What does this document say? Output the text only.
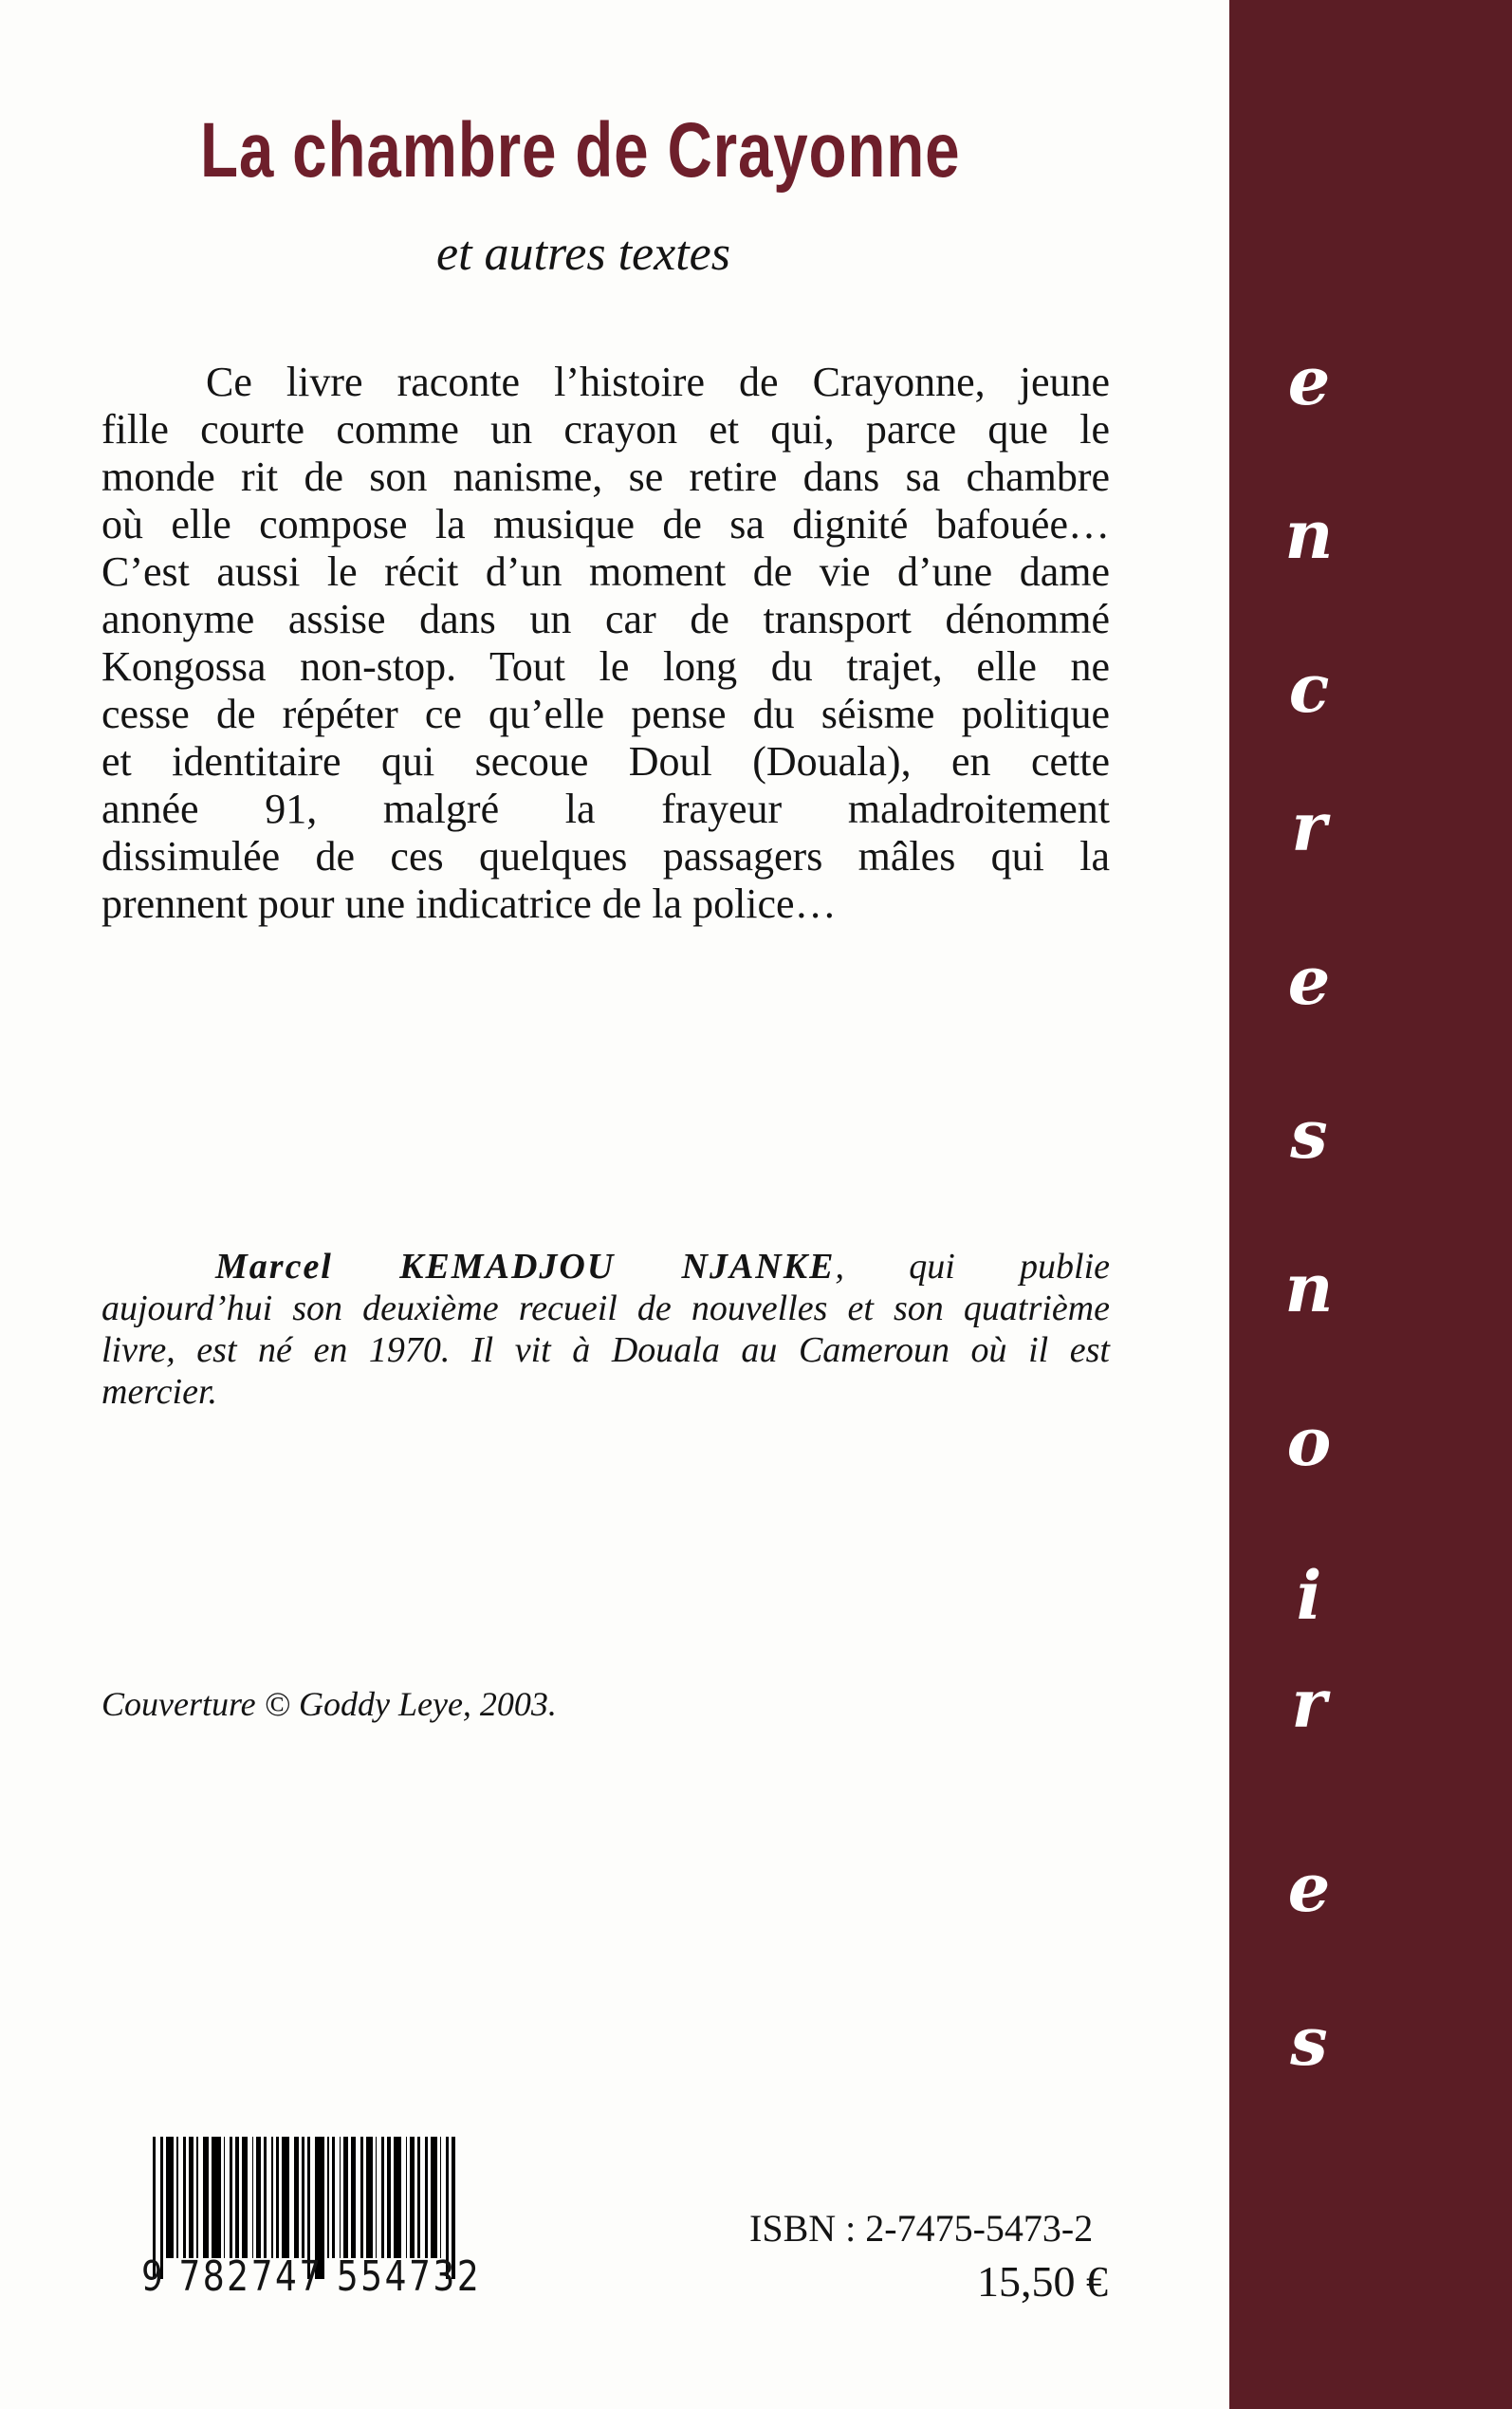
e
n
c
r
e
s
n
o
i
r
e
s
La chambre de Crayonne
et autres textes
Ce livre raconte l’histoire de Crayonne, jeune
fille courte comme un crayon et qui, parce que le
monde rit de son nanisme, se retire dans sa chambre
où elle compose la musique de sa dignité bafouée…
C’est aussi le récit d’un moment de vie d’une dame
anonyme assise dans un car de transport dénommé
Kongossa non-stop. Tout le long du trajet, elle ne
cesse de répéter ce qu’elle pense du séisme politique
et identitaire qui secoue Doul (Douala), en cette
année 91, malgré la frayeur maladroitement
dissimulée de ces quelques passagers mâles qui la
prennent pour une indicatrice de la police…
Marcel KEMADJOU NJANKE, qui publie
aujourd’hui son deuxième recueil de nouvelles et son quatrième
livre, est né en 1970. Il vit à Douala au Cameroun où il est
mercier.
Couverture © Goddy Leye, 2003.
9 782747 554732
ISBN : 2-7475-5473-2
15,50 €
